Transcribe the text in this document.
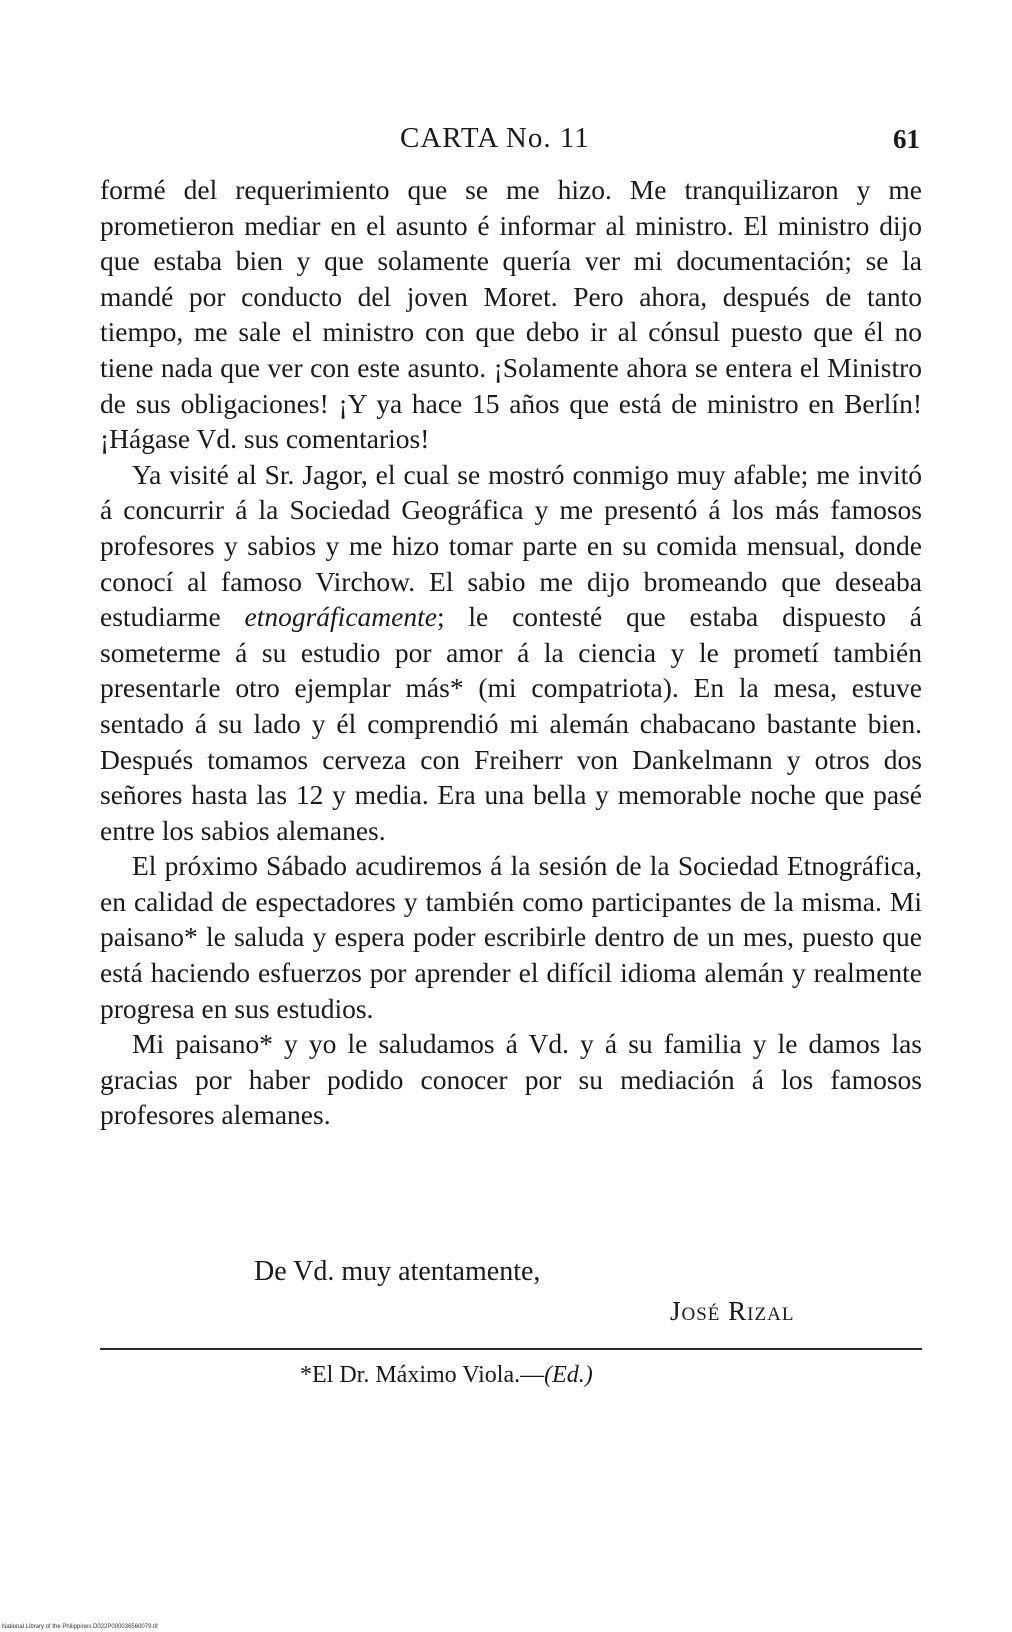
CARTA No. 11	61

formé del requerimiento que se me hizo. Me tranquilizaron y me prometieron mediar en el asunto é informar al ministro. El ministro dijo que estaba bien y que solamente quería ver mi documentación; se la mandé por conducto del joven Moret. Pero ahora, después de tanto tiempo, me sale el ministro con que debo ir al cónsul puesto que él no tiene nada que ver con este asunto. ¡Solamente ahora se entera el Ministro de sus obligaciones! ¡Y ya hace 15 años que está de ministro en Berlín! ¡Hágase Vd. sus comentarios!

Ya visité al Sr. Jagor, el cual se mostró conmigo muy afable; me invitó á concurrir á la Sociedad Geográfica y me presentó á los más famosos profesores y sabios y me hizo tomar parte en su comida mensual, donde conocí al famoso Virchow. El sabio me dijo bromeando que deseaba estudiarme etnográficamente; le contesté que estaba dispuesto á someterme á su estudio por amor á la ciencia y le prometí también presentarle otro ejemplar más* (mi compatriota). En la mesa, estuve sentado á su lado y él comprendió mi alemán chabacano bastante bien. Después tomamos cerveza con Freiherr von Dankelmann y otros dos señores hasta las 12 y media. Era una bella y memorable noche que pasé entre los sabios alemanes.

El próximo Sábado acudiremos á la sesión de la Sociedad Etnográfica, en calidad de espectadores y también como participantes de la misma. Mi paisano* le saluda y espera poder escribirle dentro de un mes, puesto que está haciendo esfuerzos por aprender el difícil idioma alemán y realmente progresa en sus estudios.

Mi paisano* y yo le saludamos á Vd. y á su familia y le damos las gracias por haber podido conocer por su mediación á los famosos profesores alemanes.

De Vd. muy atentamente,
José Rizal
*El Dr. Máximo Viola.—(Ed.)
National Library of the Philippines D022P000036560079.tif
